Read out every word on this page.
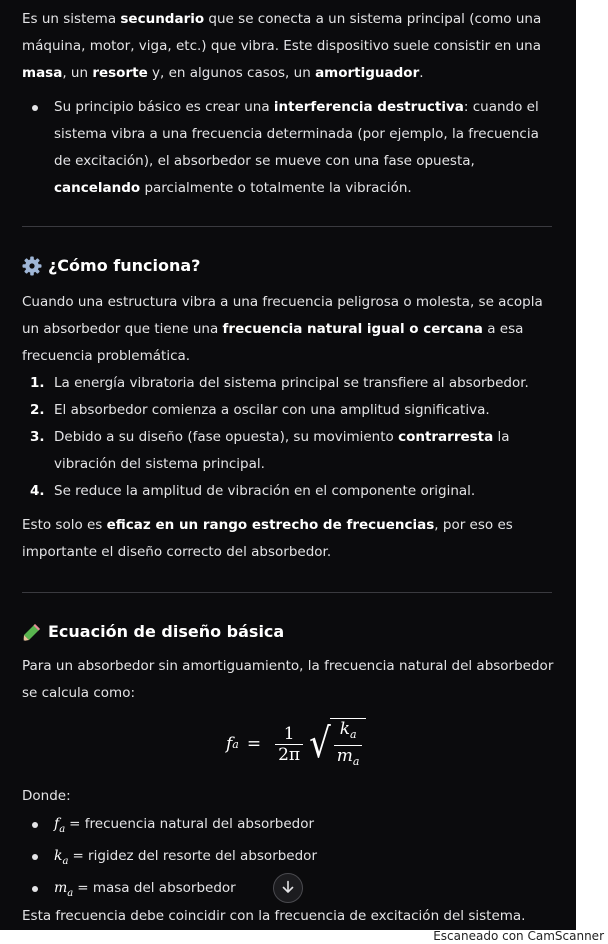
Es un sistema secundario que se conecta a un sistema principal (como una máquina, motor, viga, etc.) que vibra. Este dispositivo suele consistir en una masa, un resorte y, en algunos casos, un amortiguador.

Su principio básico es crear una interferencia destructiva: cuando el sistema vibra a una frecuencia determinada (por ejemplo, la frecuencia de excitación), el absorbedor se mueve con una fase opuesta, cancelando parcialmente o totalmente la vibración.
¿Cómo funciona?

Cuando una estructura vibra a una frecuencia peligrosa o molesta, se acopla un absorbedor que tiene una frecuencia natural igual o cercana a esa frecuencia problemática.

1. La energía vibratoria del sistema principal se transfiere al absorbedor.
2. El absorbedor comienza a oscilar con una amplitud significativa.
3. Debido a su diseño (fase opuesta), su movimiento contrarresta la vibración del sistema principal.
4. Se reduce la amplitud de vibración en el componente original.

Esto solo es eficaz en un rango estrecho de frecuencias, por eso es importante el diseño correcto del absorbedor.

Ecuación de diseño básica

Para un absorbedor sin amortiguamiento, la frecuencia natural del absorbedor se calcula como:

f $a = \frac{1}{2\pi}$ √ $\frac{k_a}{m_a}$

Donde:

$f_a$ = frecuencia natural del absorbedor
$k_a$ = rigidez del resorte del absorbedor
$m_a$ = masa del absorbedor

Esta frecuencia debe coincidir con la frecuencia de excitación del sistema.

Escaneado con CamScanner
